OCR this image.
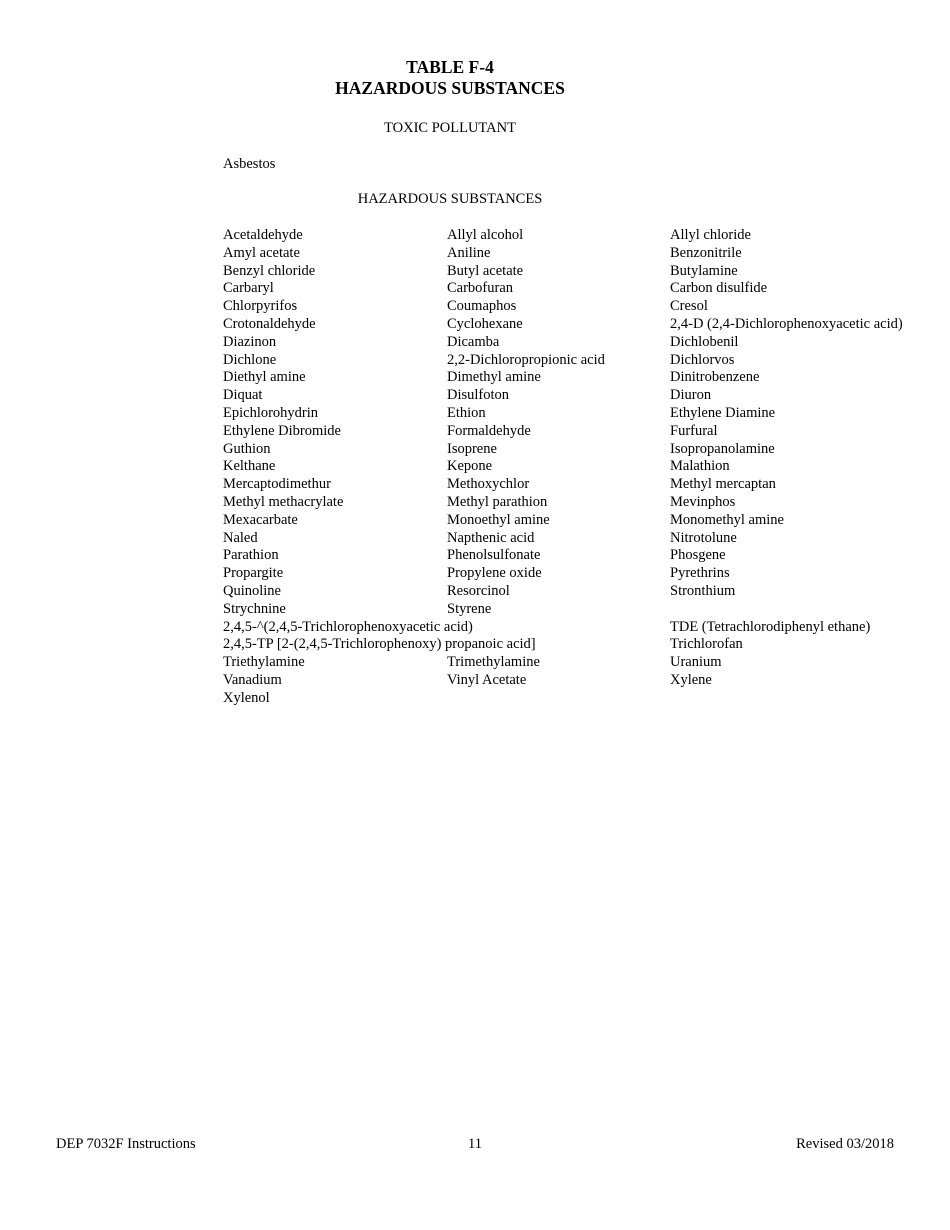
TABLE F-4
HAZARDOUS SUBSTANCES
TOXIC POLLUTANT
Asbestos
HAZARDOUS SUBSTANCES
Acetaldehyde	Allyl alcohol	Allyl chloride
Amyl acetate	Aniline	Benzonitrile
Benzyl chloride	Butyl acetate	Butylamine
Carbaryl	Carbofuran	Carbon disulfide
Chlorpyrifos	Coumaphos	Cresol
Crotonaldehyde	Cyclohexane	2,4-D (2,4-Dichlorophenoxyacetic acid)
Diazinon	Dicamba	Dichlobenil
Dichlone	2,2-Dichloropropionic acid	Dichlorvos
Diethyl amine	Dimethyl amine	Dinitrobenzene
Diquat	Disulfoton	Diuron
Epichlorohydrin	Ethion	Ethylene Diamine
Ethylene Dibromide	Formaldehyde	Furfural
Guthion	Isoprene	Isopropanolamine
Kelthane	Kepone	Malathion
Mercaptodimethur	Methoxychlor	Methyl mercaptan
Methyl methacrylate	Methyl parathion	Mevinphos
Mexacarbate	Monoethyl amine	Monomethyl amine
Naled	Napthenic acid	Nitrotolune
Parathion	Phenolsulfonate	Phosgene
Propargite	Propylene oxide	Pyrethrins
Quinoline	Resorcinol	Stronthium
Strychnine	Styrene
2,4,5-^(2,4,5-Trichlorophenoxyacetic acid)	TDE (Tetrachlorodiphenyl ethane)
2,4,5-TP [2-(2,4,5-Trichlorophenoxy) propanoic acid]	Trichlorofan
Triethylamine	Trimethylamine	Uranium
Vanadium	Vinyl Acetate	Xylene
Xylenol
DEP 7032F Instructions	11	Revised 03/2018
